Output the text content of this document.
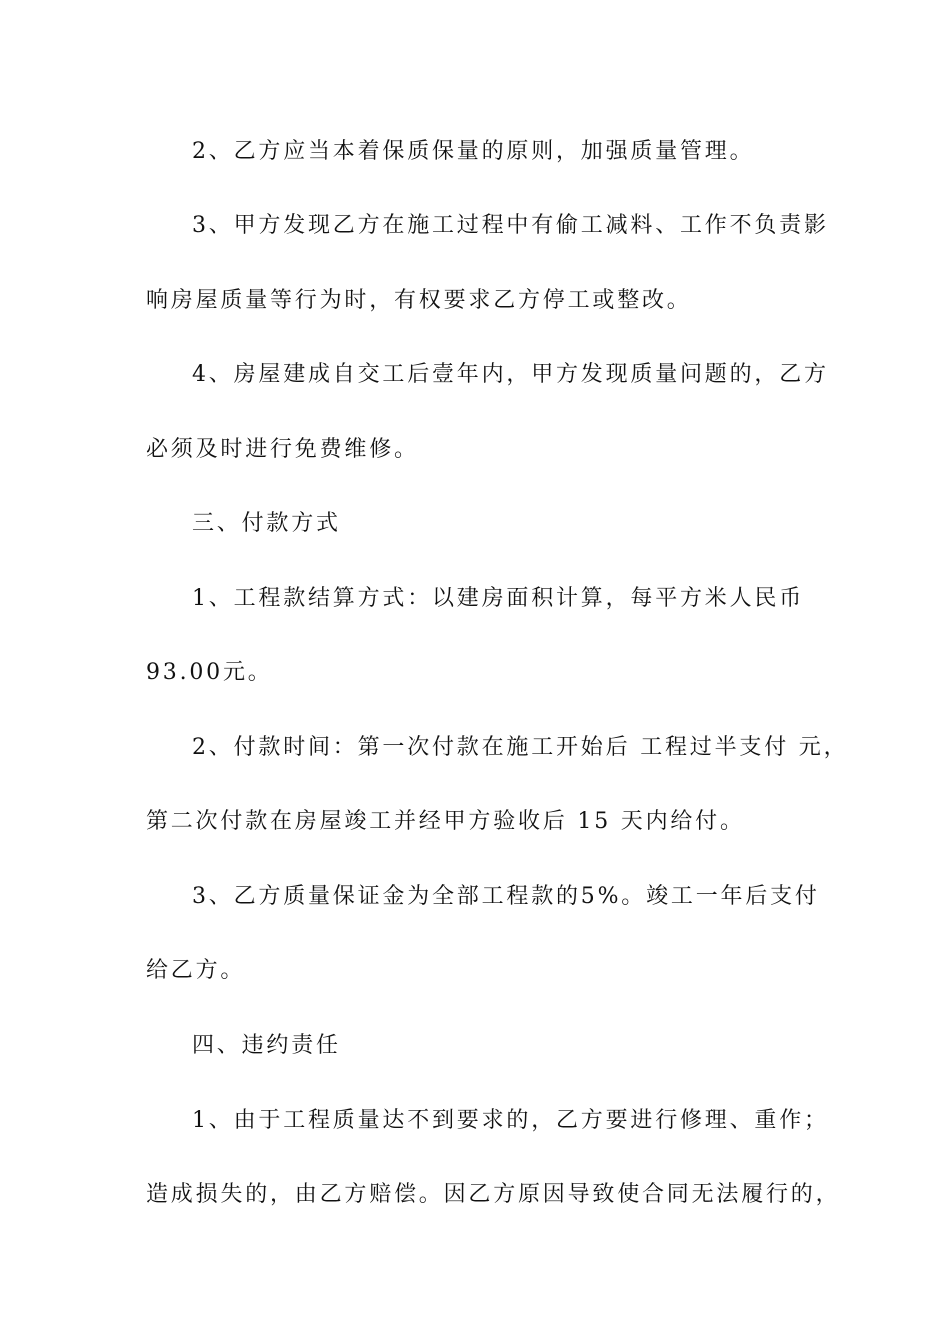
2、乙方应当本着保质保量的原则，加强质量管理。
3、甲方发现乙方在施工过程中有偷工减料、工作不负责影
响房屋质量等行为时，有权要求乙方停工或整改。
4、房屋建成自交工后壹年内，甲方发现质量问题的，乙方
必须及时进行免费维修。
三、付款方式
1、工程款结算方式：以建房面积计算，每平方米人民币
93.00元。
2、付款时间：第一次付款在施工开始后 工程过半支付 元，
第二次付款在房屋竣工并经甲方验收后 15 天内给付。
3、乙方质量保证金为全部工程款的5%。竣工一年后支付
给乙方。
四、违约责任
1、由于工程质量达不到要求的，乙方要进行修理、重作；
造成损失的，由乙方赔偿。因乙方原因导致使合同无法履行的，
